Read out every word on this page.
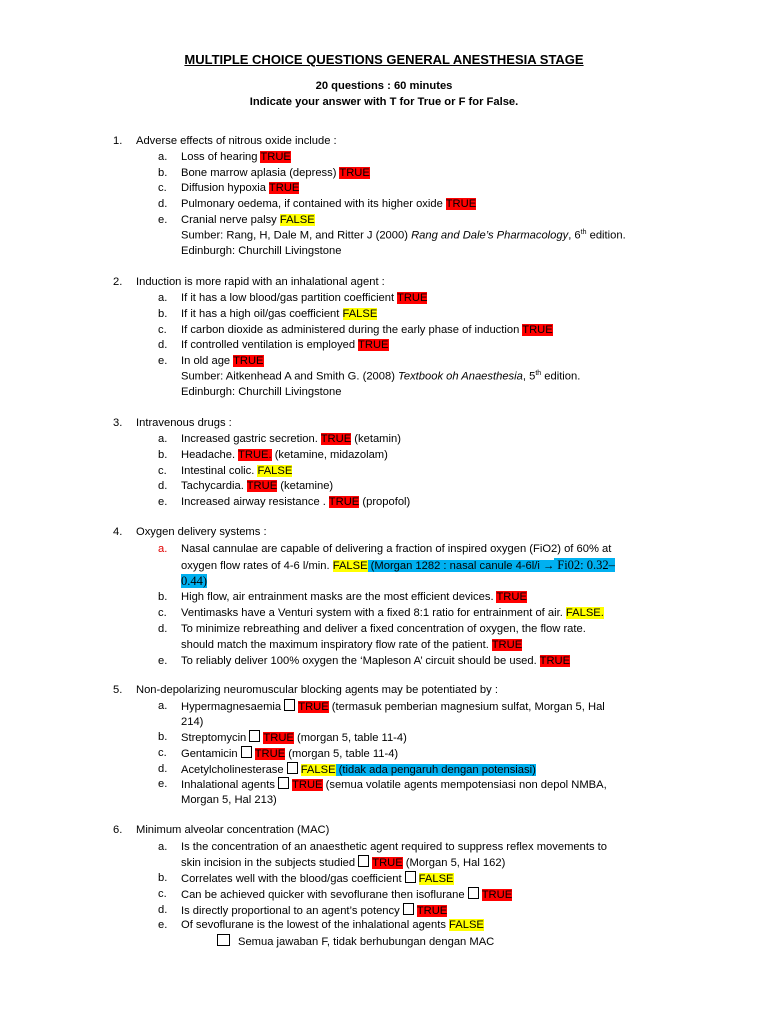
MULTIPLE CHOICE QUESTIONS GENERAL ANESTHESIA STAGE
20 questions : 60 minutes
Indicate your answer with T for True or F for False.
1. Adverse effects of nitrous oxide include :
a. Loss of hearing TRUE
b. Bone marrow aplasia (depress) TRUE
c. Diffusion hypoxia TRUE
d. Pulmonary oedema, if contained with its higher oxide TRUE
e. Cranial nerve palsy FALSE
Sumber: Rang, H, Dale M, and Ritter J (2000) Rang and Dale’s Pharmacology, 6th edition.
Edinburgh: Churchill Livingstone
2. Induction is more rapid with an inhalational agent :
a. If it has a low blood/gas partition coefficient TRUE
b. If it has a high oil/gas coefficient FALSE
c. If carbon dioxide as administered during the early phase of induction TRUE
d. If controlled ventilation is employed TRUE
e. In old age TRUE
Sumber: Aitkenhead A and Smith G. (2008) Textbook oh Anaesthesia, 5th edition.
Edinburgh: Churchill Livingstone
3. Intravenous drugs :
a. Increased gastric secretion. TRUE (ketamin)
b. Headache. TRUE. (ketamine, midazolam)
c. Intestinal colic. FALSE
d. Tachycardia. TRUE (ketamine)
e. Increased airway resistance . TRUE (propofol)
4. Oxygen delivery systems :
a. Nasal cannulae are capable of delivering a fraction of inspired oxygen (FiO2) of 60% at
oxygen flow rates of 4-6 l/min. FALSE (Morgan 1282 : nasal canule 4-6l/i → Fi02: 0.32–
0.44)
b. High flow, air entrainment masks are the most efficient devices. TRUE
c. Ventimasks have a Venturi system with a fixed 8:1 ratio for entrainment of air. FALSE.
d. To minimize rebreathing and deliver a fixed concentration of oxygen, the flow rate.
should match the maximum inspiratory flow rate of the patient. TRUE
e. To reliably deliver 100% oxygen the ‘Mapleson A’ circuit should be used. TRUE
5. Non-depolarizing neuromuscular blocking agents may be potentiated by :
a. Hypermagnesaemia TRUE (termasuk pemberian magnesium sulfat, Morgan 5, Hal
214)
b. Streptomycin TRUE (morgan 5, table 11-4)
c. Gentamicin TRUE (morgan 5, table 11-4)
d. Acetylcholinesterase FALSE (tidak ada pengaruh dengan potensiasi)
e. Inhalational agents TRUE (semua volatile agents mempotensiasi non depol NMBA,
Morgan 5, Hal 213)
6. Minimum alveolar concentration (MAC)
a. Is the concentration of an anaesthetic agent required to suppress reflex movements to
skin incision in the subjects studied TRUE (Morgan 5, Hal 162)
b. Correlates well with the blood/gas coefficient FALSE
c. Can be achieved quicker with sevoflurane then isoflurane TRUE
d. Is directly proportional to an agent’s potency TRUE
e. Of sevoflurane is the lowest of the inhalational agents FALSE
Semua jawaban F, tidak berhubungan dengan MAC
